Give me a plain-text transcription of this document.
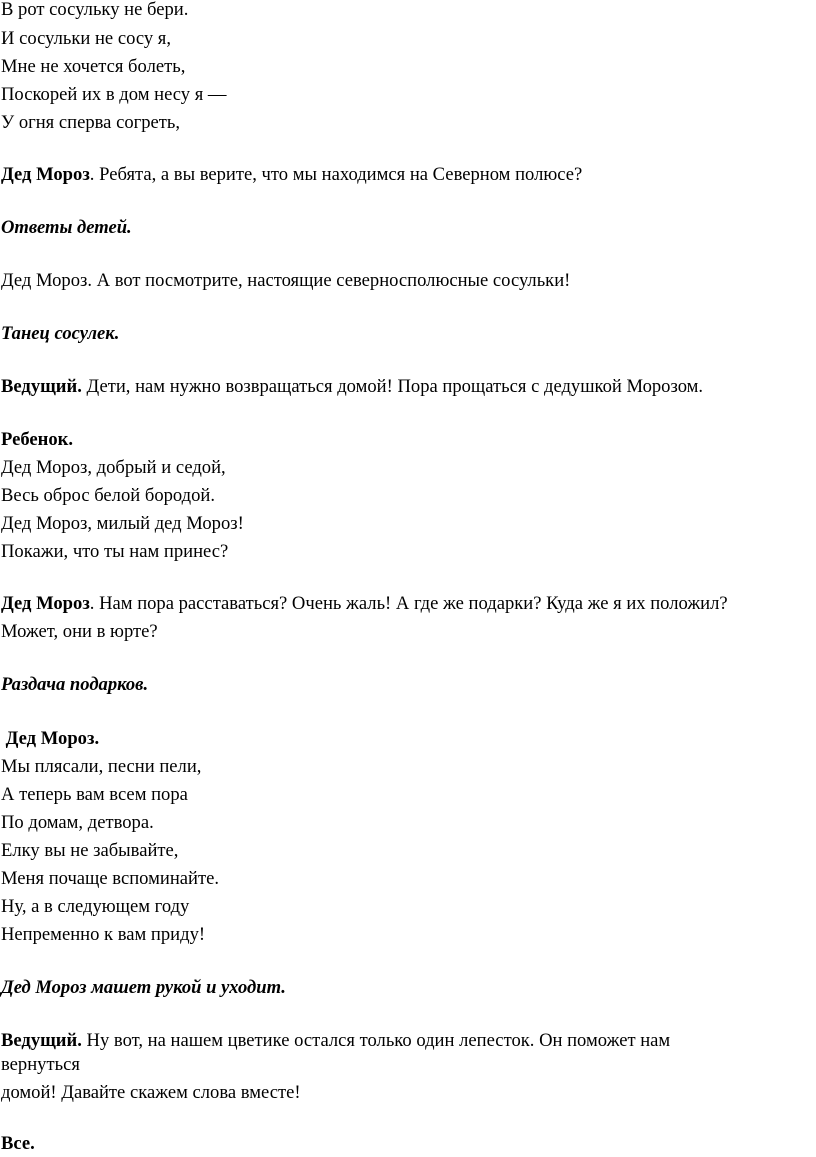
В рот сосульку не бери.

И сосульки не сосу я,

Мне не хочется болеть,

Поскорей их в дом несу я —

У огня сперва согреть,

Дед Мороз. Ребята, а вы верите, что мы находимся на Северном полюсе?

Ответы детей.

Дед Мороз. А вот посмотрите, настоящие северносполюсные сосульки!

Танец сосулек.

Ведущий. Дети, нам нужно возвращаться домой! Пора прощаться с дедушкой Морозом.

Ребенок.

Дед Мороз, добрый и седой,

Весь оброс белой бородой.

Дед Мороз, милый дед Мороз!

Покажи, что ты нам принес?

Дед Мороз. Нам пора расставаться? Очень жаль! А где же подарки? Куда же я их положил?

Может, они в юрте?

Раздача подарков.

Дед Мороз.

Мы плясали, песни пели,

А теперь вам всем пора

По домам, детвора.

Елку вы не забывайте,

Меня почаще вспоминайте.

Ну, а в следующем году

Непременно к вам приду!

Дед Мороз машет рукой и уходит.

Ведущий. Ну вот, на нашем цветике остался только один лепесток. Он поможет нам

вернуться

домой! Давайте скажем слова вместе!

Все.
